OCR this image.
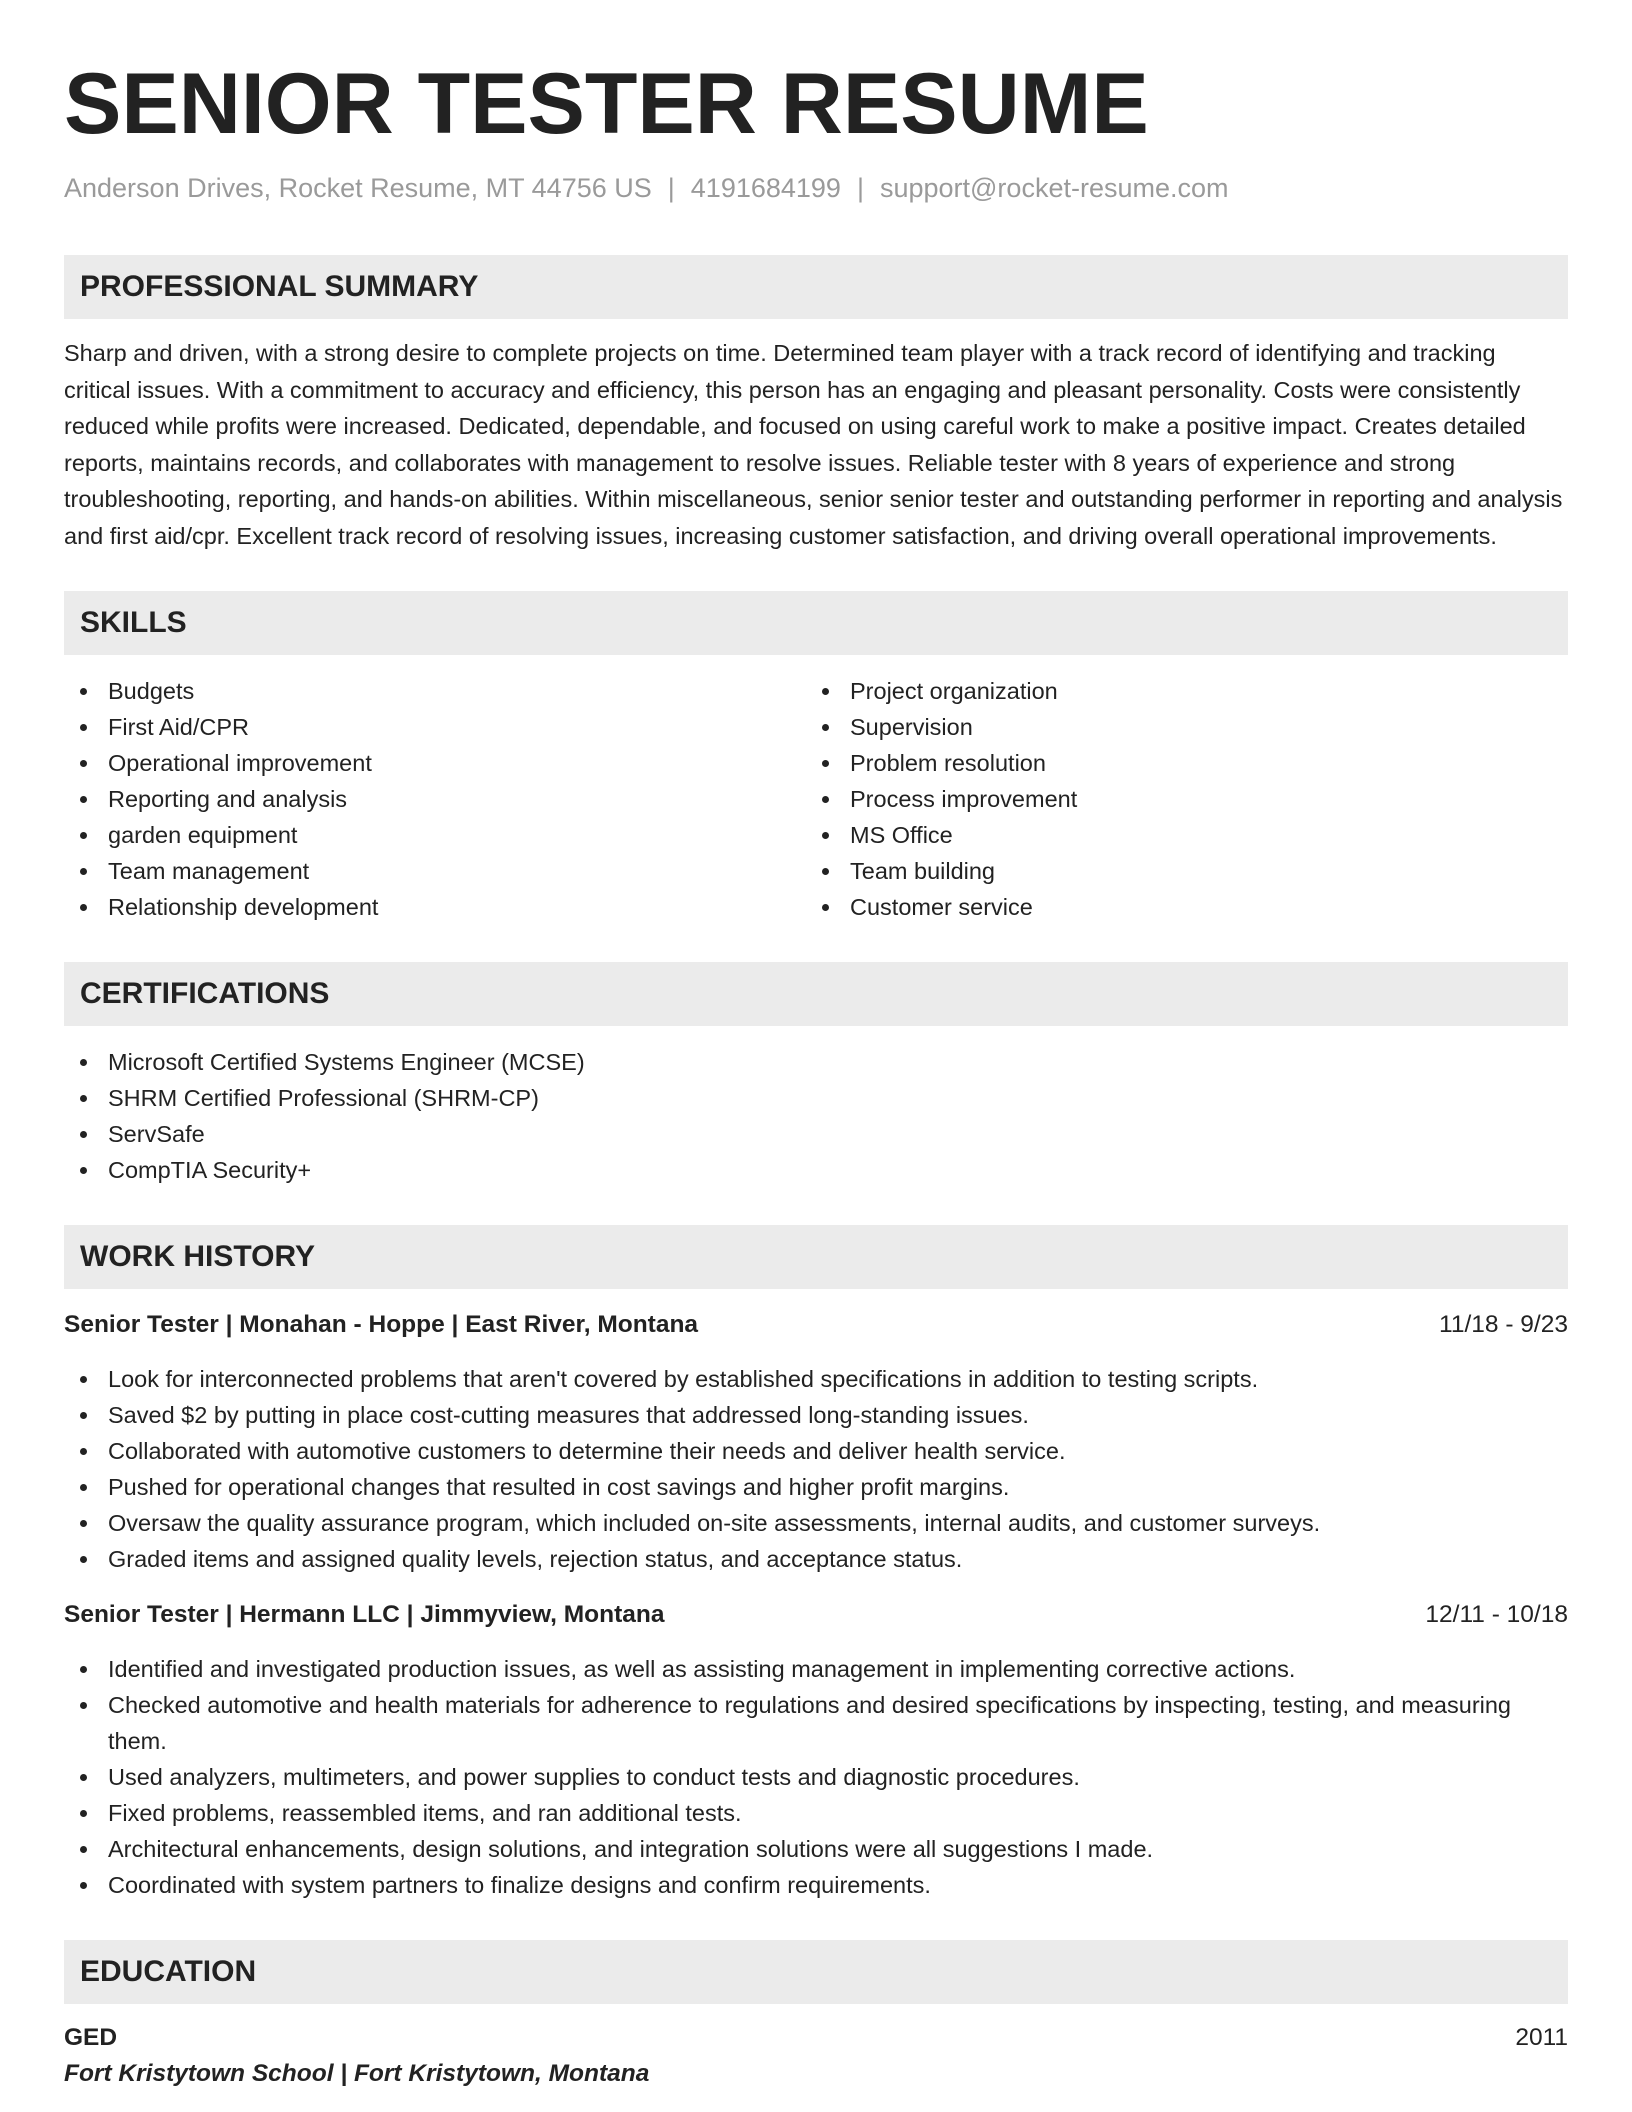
SENIOR TESTER RESUME
Anderson Drives, Rocket Resume, MT 44756 US | 4191684199 | support@rocket-resume.com
PROFESSIONAL SUMMARY
Sharp and driven, with a strong desire to complete projects on time. Determined team player with a track record of identifying and tracking critical issues. With a commitment to accuracy and efficiency, this person has an engaging and pleasant personality. Costs were consistently reduced while profits were increased. Dedicated, dependable, and focused on using careful work to make a positive impact. Creates detailed reports, maintains records, and collaborates with management to resolve issues. Reliable tester with 8 years of experience and strong troubleshooting, reporting, and hands-on abilities. Within miscellaneous, senior senior tester and outstanding performer in reporting and analysis and first aid/cpr. Excellent track record of resolving issues, increasing customer satisfaction, and driving overall operational improvements.
SKILLS
Budgets
First Aid/CPR
Operational improvement
Reporting and analysis
garden equipment
Team management
Relationship development
Project organization
Supervision
Problem resolution
Process improvement
MS Office
Team building
Customer service
CERTIFICATIONS
Microsoft Certified Systems Engineer (MCSE)
SHRM Certified Professional (SHRM-CP)
ServSafe
CompTIA Security+
WORK HISTORY
Senior Tester | Monahan - Hoppe | East River, Montana	11/18 - 9/23
Look for interconnected problems that aren't covered by established specifications in addition to testing scripts.
Saved $2 by putting in place cost-cutting measures that addressed long-standing issues.
Collaborated with automotive customers to determine their needs and deliver health service.
Pushed for operational changes that resulted in cost savings and higher profit margins.
Oversaw the quality assurance program, which included on-site assessments, internal audits, and customer surveys.
Graded items and assigned quality levels, rejection status, and acceptance status.
Senior Tester | Hermann LLC | Jimmyview, Montana	12/11 - 10/18
Identified and investigated production issues, as well as assisting management in implementing corrective actions.
Checked automotive and health materials for adherence to regulations and desired specifications by inspecting, testing, and measuring them.
Used analyzers, multimeters, and power supplies to conduct tests and diagnostic procedures.
Fixed problems, reassembled items, and ran additional tests.
Architectural enhancements, design solutions, and integration solutions were all suggestions I made.
Coordinated with system partners to finalize designs and confirm requirements.
EDUCATION
GED	2011
Fort Kristytown School | Fort Kristytown, Montana
